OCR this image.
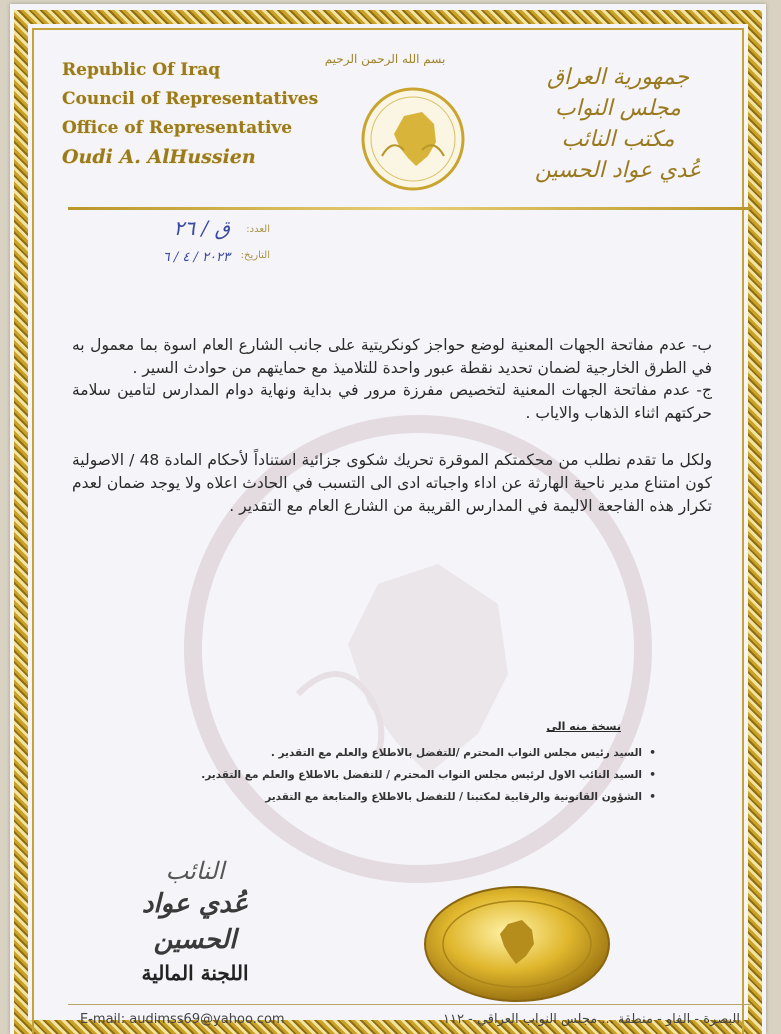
Republic Of Iraq
Council of Representatives
Office of Representative
Oudi A. AlHussien
بسم الله الرحمن الرحيم
جمهورية العراق
مجلس النواب
مكتب النائب
عُدي عواد الحسين
العدد:
ق / ٢٦
التاريخ:
٢٠٢٣ / ٤ / ٦

ب- عدم مفاتحة الجهات المعنية لوضع حواجز كونكريتية على جانب الشارع العام اسوة بما معمول به في الطرق الخارجية لضمان تحديد نقطة عبور واحدة للتلاميذ مع حمايتهم من حوادث السير .

ج- عدم مفاتحة الجهات المعنية لتخصيص مفرزة مرور في بداية ونهاية دوام المدارس لتامين سلامة حركتهم اثناء الذهاب والاياب .

ولكل ما تقدم نطلب من محكمتكم الموقرة تحريك شكوى جزائية استناداً لأحكام المادة 48 / الاصولية كون امتناع مدير ناحية الهارثة عن اداء واجباته ادى الى التسبب في الحادث اعلاه ولا يوجد ضمان لعدم تكرار هذه الفاجعة الاليمة في المدارس القريبة من الشارع العام مع التقدير .

نسخة منه الى
• السيد رئيس مجلس النواب المحترم /للتفضل بالاطلاع والعلم مع التقدير .
• السيد النائب الاول لرئيس مجلس النواب المحترم / للتفضل بالاطلاع والعلم مع التقدير.
• الشؤون القانونية والرقابية لمكتبنا / للتفضل بالاطلاع والمتابعة مع التقدير
النائب
عُدي عواد الحسين
اللجنة المالية
E-mail: audimss69@yahoo.com	البصرة - الفاو - منطقة ... مجلس النواب العراقي - ١١٢
